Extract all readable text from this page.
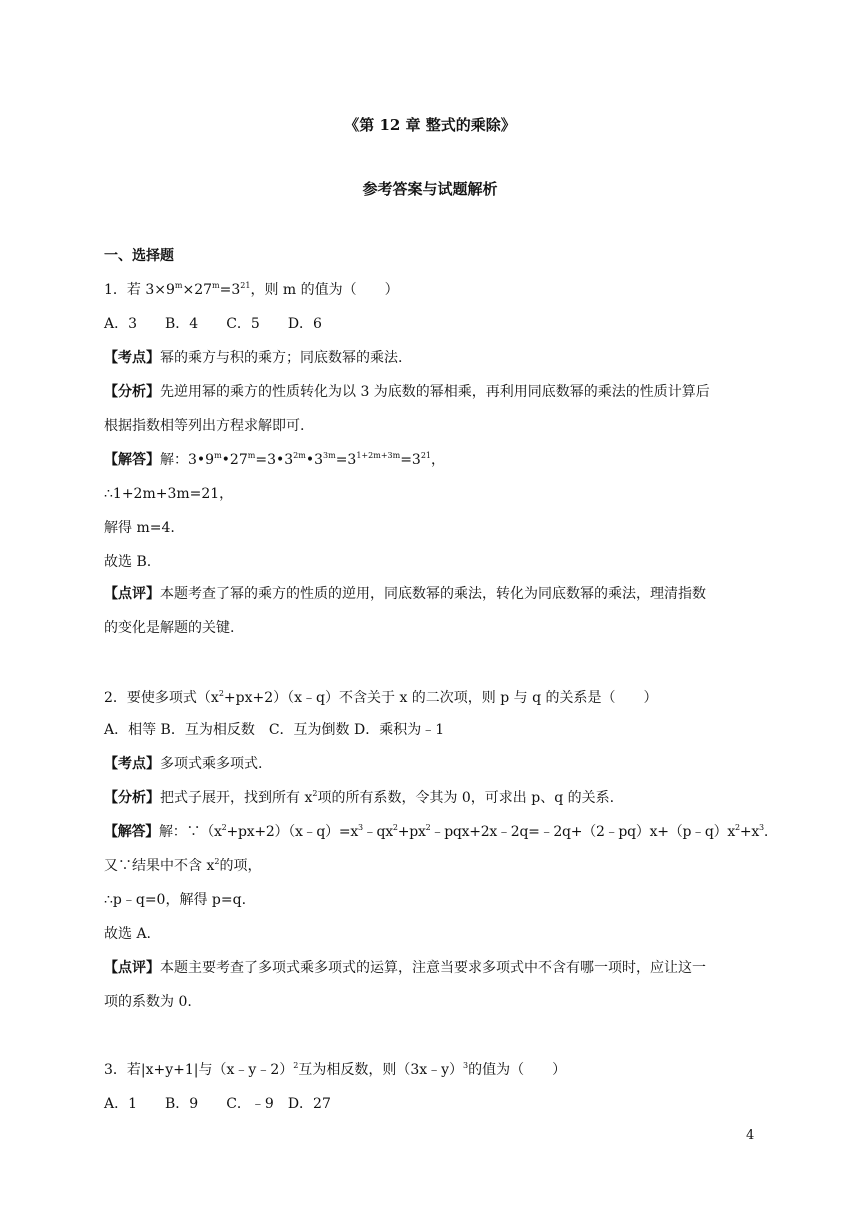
《第 12 章 整式的乘除》
参考答案与试题解析
一、选择题
1．若 $3\times 9^m\times 27^m=3^{21}$，则 m 的值为（　　）
A．3　　B．4　　C．5　　D．6
【考点】幂的乘方与积的乘方；同底数幂的乘法.
【分析】先逆用幂的乘方的性质转化为以 3 为底数的幂相乘，再利用同底数幂的乘法的性质计算后
根据指数相等列出方程求解即可.
【解答】解：$3•9^m•27^m=3•3^{2m}•3^{3m}=3^{1+2m+3m}=3^{21}$，
∴1+2m+3m=21，
解得 m=4.
故选 B.
【点评】本题考查了幂的乘方的性质的逆用，同底数幂的乘法，转化为同底数幂的乘法，理清指数
的变化是解题的关键.
2．要使多项式$(x^2+px+2)(x﹣q)$不含关于 x 的二次项，则 p 与 q 的关系是（　　）
A．相等 B．互为相反数　C．互为倒数 D．乘积为﹣1
【考点】多项式乘多项式.
【分析】把式子展开，找到所有 $x^2$项的所有系数，令其为 0，可求出 p、q 的关系.
【解答】解：$\because(x^2+px+2)(x﹣q)=x^3﹣qx^2+px^2﹣pqx+2x﹣2q=﹣2q+(2﹣pq)x+(p﹣q)x^2+x^3$.
又∵结果中不含 $x^2$的项，
∴p﹣q=0，解得 p=q.
故选 A.
【点评】本题主要考查了多项式乘多项式的运算，注意当要求多项式中不含有哪一项时，应让这一
项的系数为 0.
3．若|x+y+1|与（x﹣y﹣2）$^2$互为相反数，则（3x﹣y）$^3$的值为（　　）
A．1　　B．9　　C．﹣9　D．27
4
